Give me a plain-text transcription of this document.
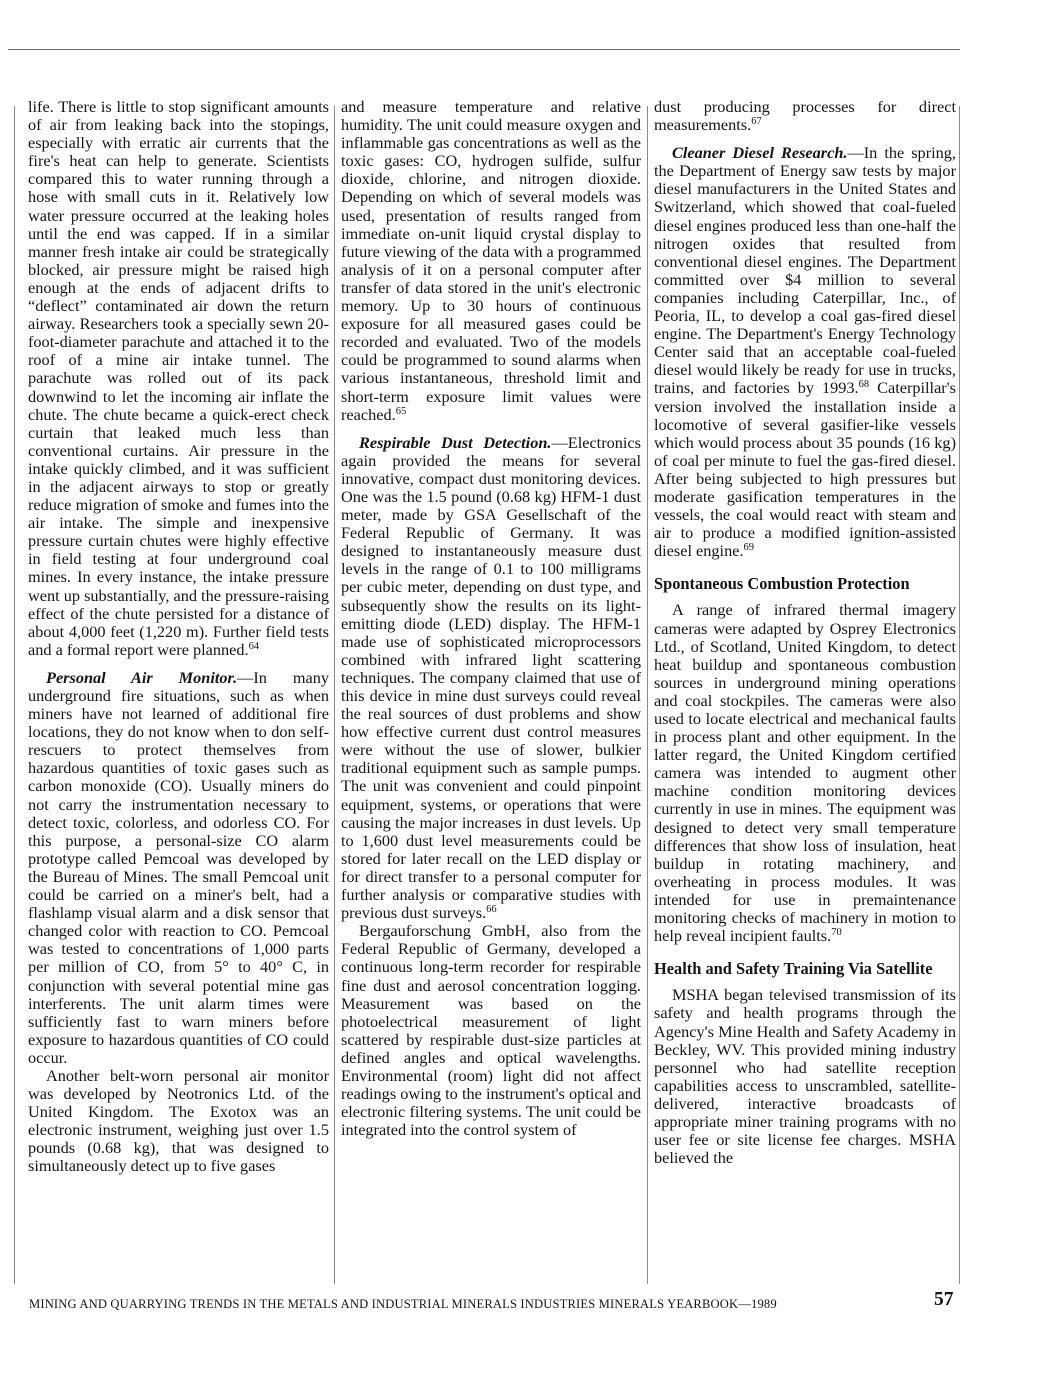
life. There is little to stop significant amounts of air from leaking back into the stopings, especially with erratic air currents that the fire's heat can help to generate. Scientists compared this to water running through a hose with small cuts in it. Relatively low water pressure occurred at the leaking holes until the end was capped. If in a similar manner fresh intake air could be strategically blocked, air pressure might be raised high enough at the ends of adjacent drifts to “deflect” contaminated air down the return airway. Researchers took a specially sewn 20-foot-diameter parachute and attached it to the roof of a mine air intake tunnel. The parachute was rolled out of its pack downwind to let the incoming air inflate the chute. The chute became a quick-erect check curtain that leaked much less than conventional curtains. Air pressure in the intake quickly climbed, and it was sufficient in the adjacent airways to stop or greatly reduce migration of smoke and fumes into the air intake. The simple and inexpensive pressure curtain chutes were highly effective in field testing at four underground coal mines. In every instance, the intake pressure went up substantially, and the pressure-raising effect of the chute persisted for a distance of about 4,000 feet (1,220 m). Further field tests and a formal report were planned.$^{64}$

Personal Air Monitor.—In many underground fire situations, such as when miners have not learned of additional fire locations, they do not know when to don self-rescuers to protect themselves from hazardous quantities of toxic gases such as carbon monoxide (CO). Usually miners do not carry the instrumentation necessary to detect toxic, colorless, and odorless CO. For this purpose, a personal-size CO alarm prototype called Pemcoal was developed by the Bureau of Mines. The small Pemcoal unit could be carried on a miner's belt, had a flashlamp visual alarm and a disk sensor that changed color with reaction to CO. Pemcoal was tested to concentrations of 1,000 parts per million of CO, from 5° to 40° C, in conjunction with several potential mine gas interferents. The unit alarm times were sufficiently fast to warn miners before exposure to hazardous quantities of CO could occur.

Another belt-worn personal air monitor was developed by Neotronics Ltd. of the United Kingdom. The Exotox was an electronic instrument, weighing just over 1.5 pounds (0.68 kg), that was designed to simultaneously detect up to five gases

and measure temperature and relative humidity. The unit could measure oxygen and inflammable gas concentrations as well as the toxic gases: CO, hydrogen sulfide, sulfur dioxide, chlorine, and nitrogen dioxide. Depending on which of several models was used, presentation of results ranged from immediate on-unit liquid crystal display to future viewing of the data with a programmed analysis of it on a personal computer after transfer of data stored in the unit's electronic memory. Up to 30 hours of continuous exposure for all measured gases could be recorded and evaluated. Two of the models could be programmed to sound alarms when various instantaneous, threshold limit and short-term exposure limit values were reached.$^{65}$

Respirable Dust Detection.—Electronics again provided the means for several innovative, compact dust monitoring devices. One was the 1.5 pound (0.68 kg) HFM-1 dust meter, made by GSA Gesellschaft of the Federal Republic of Germany. It was designed to instantaneously measure dust levels in the range of 0.1 to 100 milligrams per cubic meter, depending on dust type, and subsequently show the results on its light-emitting diode (LED) display. The HFM-1 made use of sophisticated microprocessors combined with infrared light scattering techniques. The company claimed that use of this device in mine dust surveys could reveal the real sources of dust problems and show how effective current dust control measures were without the use of slower, bulkier traditional equipment such as sample pumps. The unit was convenient and could pinpoint equipment, systems, or operations that were causing the major increases in dust levels. Up to 1,600 dust level measurements could be stored for later recall on the LED display or for direct transfer to a personal computer for further analysis or comparative studies with previous dust surveys.$^{66}$

Bergauforschung GmbH, also from the Federal Republic of Germany, developed a continuous long-term recorder for respirable fine dust and aerosol concentration logging. Measurement was based on the photoelectrical measurement of light scattered by respirable dust-size particles at defined angles and optical wavelengths. Environmental (room) light did not affect readings owing to the instrument's optical and electronic filtering systems. The unit could be integrated into the control system of

dust producing processes for direct measurements.$^{67}$

Cleaner Diesel Research.—In the spring, the Department of Energy saw tests by major diesel manufacturers in the United States and Switzerland, which showed that coal-fueled diesel engines produced less than one-half the nitrogen oxides that resulted from conventional diesel engines. The Department committed over $4 million to several companies including Caterpillar, Inc., of Peoria, IL, to develop a coal gas-fired diesel engine. The Department's Energy Technology Center said that an acceptable coal-fueled diesel would likely be ready for use in trucks, trains, and factories by 1993.68 Caterpillar's version involved the installation inside a locomotive of several gasifier-like vessels which would process about 35 pounds (16 kg) of coal per minute to fuel the gas-fired diesel. After being subjected to high pressures but moderate gasification temperatures in the vessels, the coal would react with steam and air to produce a modified ignition-assisted diesel engine.$^{69}$

Spontaneous Combustion Protection

A range of infrared thermal imagery cameras were adapted by Osprey Electronics Ltd., of Scotland, United Kingdom, to detect heat buildup and spontaneous combustion sources in underground mining operations and coal stockpiles. The cameras were also used to locate electrical and mechanical faults in process plant and other equipment. In the latter regard, the United Kingdom certified camera was intended to augment other machine condition monitoring devices currently in use in mines. The equipment was designed to detect very small temperature differences that show loss of insulation, heat buildup in rotating machinery, and overheating in process modules. It was intended for use in premaintenance monitoring checks of machinery in motion to help reveal incipient faults.$^{70}$

Health and Safety Training Via Satellite

MSHA began televised transmission of its safety and health programs through the Agency's Mine Health and Safety Academy in Beckley, WV. This provided mining industry personnel who had satellite reception capabilities access to unscrambled, satellite-delivered, interactive broadcasts of appropriate miner training programs with no user fee or site license fee charges. MSHA believed the

MINING AND QUARRYING TRENDS IN THE METALS AND INDUSTRIAL MINERALS INDUSTRIES MINERALS YEARBOOK—1989	57
